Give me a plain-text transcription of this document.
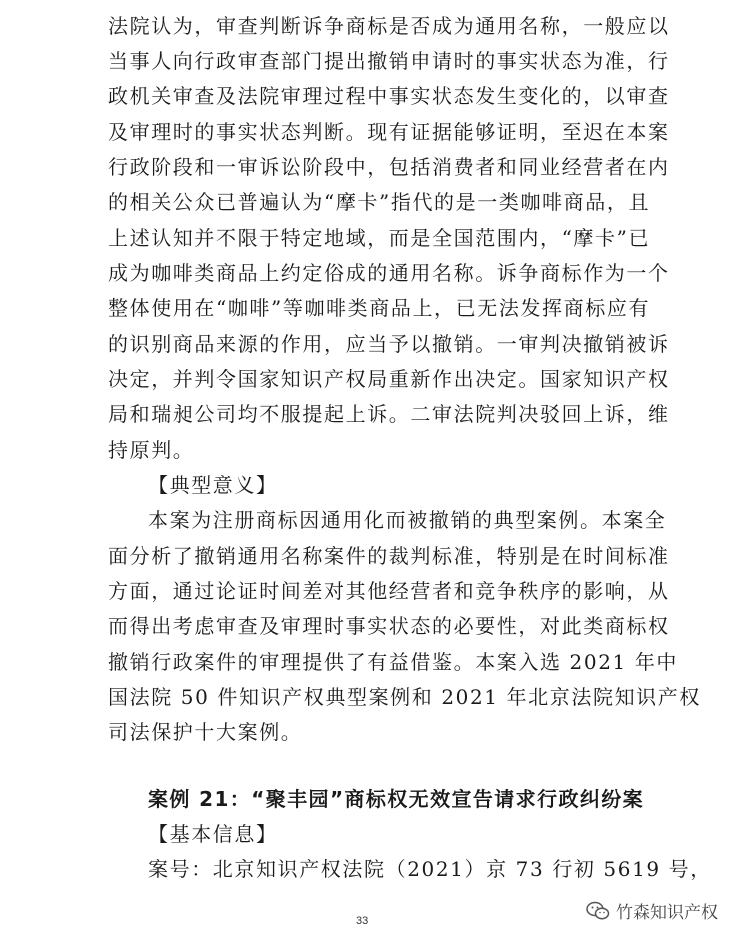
法院认为，审查判断诉争商标是否成为通用名称，一般应以
当事人向行政审查部门提出撤销申请时的事实状态为准，行
政机关审查及法院审理过程中事实状态发生变化的，以审查
及审理时的事实状态判断。现有证据能够证明，至迟在本案
行政阶段和一审诉讼阶段中，包括消费者和同业经营者在内
的相关公众已普遍认为“摩卡”指代的是一类咖啡商品，且
上述认知并不限于特定地域，而是全国范围内，“摩卡”已
成为咖啡类商品上约定俗成的通用名称。诉争商标作为一个
整体使用在“咖啡”等咖啡类商品上，已无法发挥商标应有
的识别商品来源的作用，应当予以撤销。一审判决撤销被诉
决定，并判令国家知识产权局重新作出决定。国家知识产权
局和瑞昶公司均不服提起上诉。二审法院判决驳回上诉，维
持原判。
【典型意义】
本案为注册商标因通用化而被撤销的典型案例。本案全
面分析了撤销通用名称案件的裁判标准，特别是在时间标准
方面，通过论证时间差对其他经营者和竞争秩序的影响，从
而得出考虑审查及审理时事实状态的必要性，对此类商标权
撤销行政案件的审理提供了有益借鉴。本案入选 2021 年中
国法院 50 件知识产权典型案例和 2021 年北京法院知识产权
司法保护十大案例。
案例 21：“聚丰园”商标权无效宣告请求行政纠纷案
【基本信息】
案号：北京知识产权法院（2021）京 73 行初 5619 号，
33	竹森知识产权
